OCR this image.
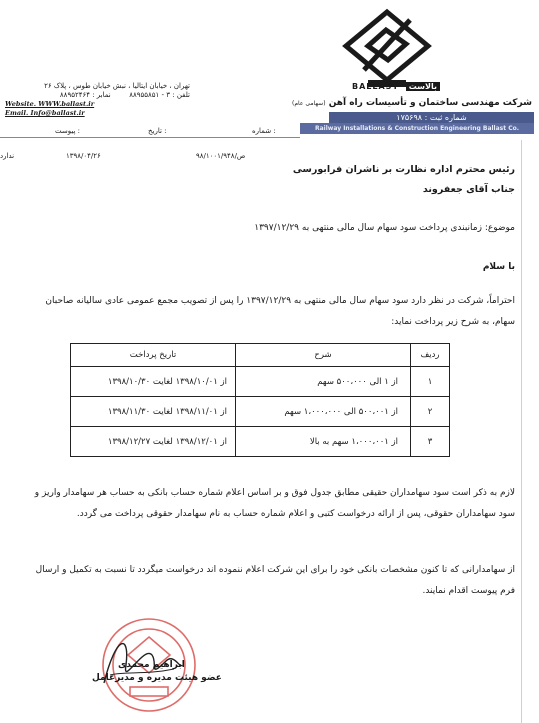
BALLAST بالاست
شرکت مهندسی ساختمان و تأسیسات راه آهن (سهامی عام)
شماره ثبت : ۱۷۵۶۹۸
Railway Installations & Construction Engineering Ballast Co.
تهران ، خیابان ایتالیا ، نبش خیابان طوس ، پلاک ۲۶
تلفن : ۳ - ۸۸۹۵۵۸۵۱  نمابر : ۸۸۹۵۲۴۶۴
Website. WWW.ballast.ir
Email. Info@ballast.ir
شماره :
تاریخ :
پیوست :
۹۸/ص/۱۰۰۱/۹۴۸
۱۳۹۸/۰۴/۲۶
ندارد
رئیس محترم اداره نظارت بر ناشران فرابورسی
جناب آقای جعفروند
موضوع: زمانبندی پرداخت سود سهام سال مالی منتهی به ۱۳۹۷/۱۲/۲۹
با سلام
احتراماً، شرکت در نظر دارد سود سهام سال مالی منتهی به ۱۳۹۷/۱۲/۲۹ را پس از تصویب مجمع عمومی عادی سالیانه صاحبان سهام، به شرح زیر پرداخت نماید:
ردیف	شرح	تاریخ پرداخت
۱	از ۱ الی ۵۰۰،۰۰۰ سهم	از ۱۳۹۸/۱۰/۰۱ لغایت ۱۳۹۸/۱۰/۳۰
۲	از ۵۰۰،۰۰۱ الی ۱،۰۰۰،۰۰۰ سهم	از ۱۳۹۸/۱۱/۰۱ لغایت ۱۳۹۸/۱۱/۳۰
۳	از ۱،۰۰۰،۰۰۱ سهم به بالا	از ۱۳۹۸/۱۲/۰۱ لغایت ۱۳۹۸/۱۲/۲۷
لازم به ذکر است سود سهامداران حقیقی مطابق جدول فوق و بر اساس اعلام شماره حساب بانکی به حساب هر سهامدار واریز و سود سهامداران حقوقی، پس از ارائه درخواست کتبی و اعلام شماره حساب به نام سهامدار حقوقی پرداخت می گردد.
از سهامدارانی که تا کنون مشخصات بانکی خود را برای این شرکت اعلام ننموده اند درخواست میگردد تا نسبت به تکمیل و ارسال فرم پیوست اقدام نمایند.
ابراهیم محمدی
عضو هیئت مدیره و مدیرعامل
